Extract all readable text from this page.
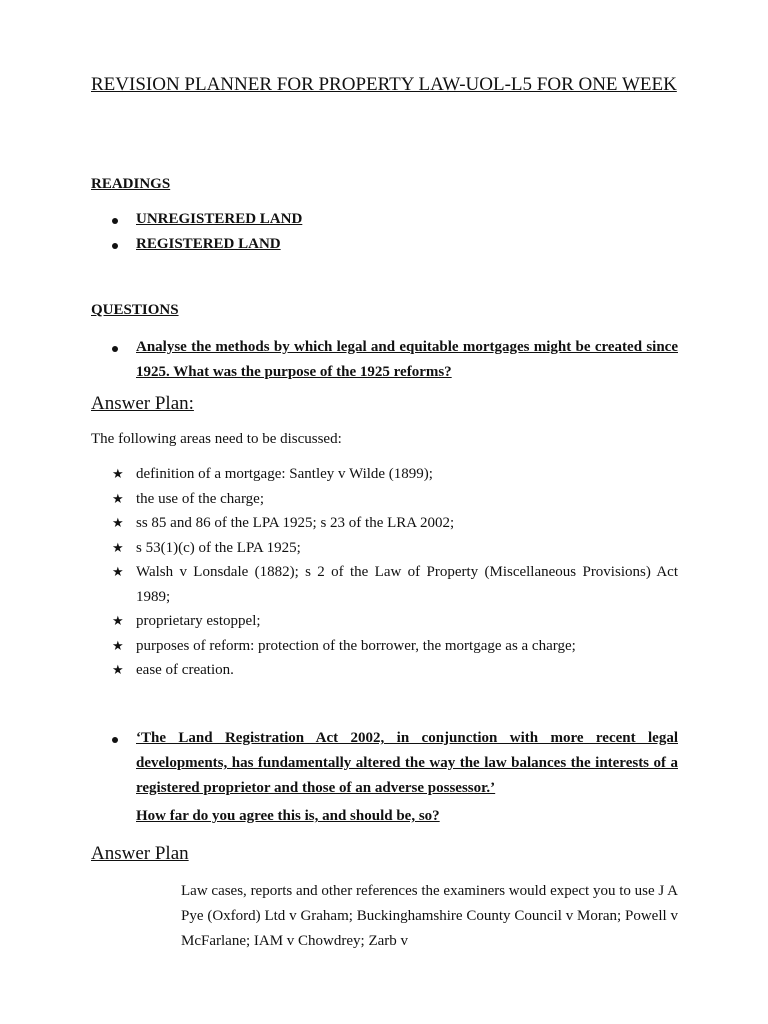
REVISION PLANNER FOR PROPERTY LAW-UOL-L5 FOR ONE WEEK
READINGS
UNREGISTERED LAND
REGISTERED LAND
QUESTIONS
Analyse the methods by which legal and equitable mortgages might be created since 1925. What was the purpose of the 1925 reforms?
Answer Plan:

The following areas need to be discussed:

★ definition of a mortgage: Santley v Wilde (1899);
★ the use of the charge;
★ ss 85 and 86 of the LPA 1925; s 23 of the LRA 2002;
★ s 53(1)(c) of the LPA 1925;
★ Walsh v Lonsdale (1882); s 2 of the Law of Property (Miscellaneous Provisions) Act 1989;
★ proprietary estoppel;
★ purposes of reform: protection of the borrower, the mortgage as a charge;
★ ease of creation.
‘The Land Registration Act 2002, in conjunction with more recent legal developments, has fundamentally altered the way the law balances the interests of a registered proprietor and those of an adverse possessor.’

How far do you agree this is, and should be, so?

Answer Plan

Law cases, reports and other references the examiners would expect you to use J A Pye (Oxford) Ltd v Graham; Buckinghamshire County Council v Moran; Powell v McFarlane; IAM v Chowdrey; Zarb v
